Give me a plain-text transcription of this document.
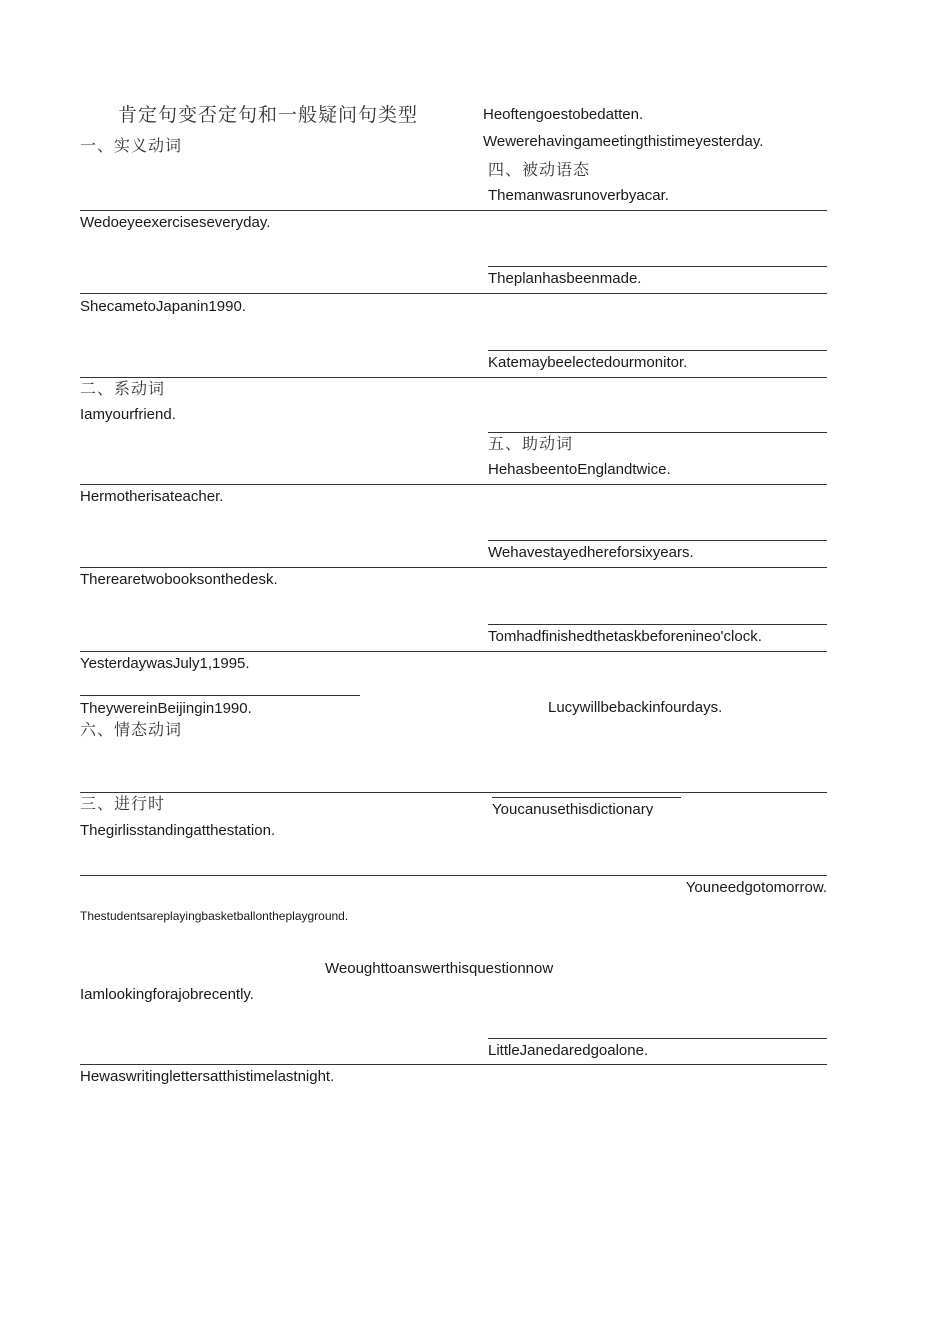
肯定句变否定句和一般疑问句类型
一、实义动词
四、被动语态
二、系动词
五、助动词
六、情态动词
三、进行时
Heoftengoestobedatten.
Wewerehavingameetingthistimeyesterday.
Themanwasrunoverbyacar.
Theplanhasbeenmade.
Katemaybeelectedourmonitor.
HehasbeentoEnglandtwice.
Wehavestayedhereforsixyears.
Tomhadfinishedthetaskbeforenineo'clock.
Lucywillbebackinfourdays.
Youcanusethisdictionary
Youneedgotomorrow.
Weoughttoanswerthisquestionnow
LittleJanedaredgoalone.
Wedoeyeexerciseseveryday.
ShecametoJapanin1990.
Iamyourfriend.
Hermotherisateacher.
Therearetwobooksonthedesk.
YesterdaywasJuly1,1995.
TheywereinBeijingin1990.
Thegirlisstandingatthestation.
Thestudentsareplayingbasketballontheplayground.
Iamlookingforajobrecently.
Hewaswritinglettersatthistimelastnight.
